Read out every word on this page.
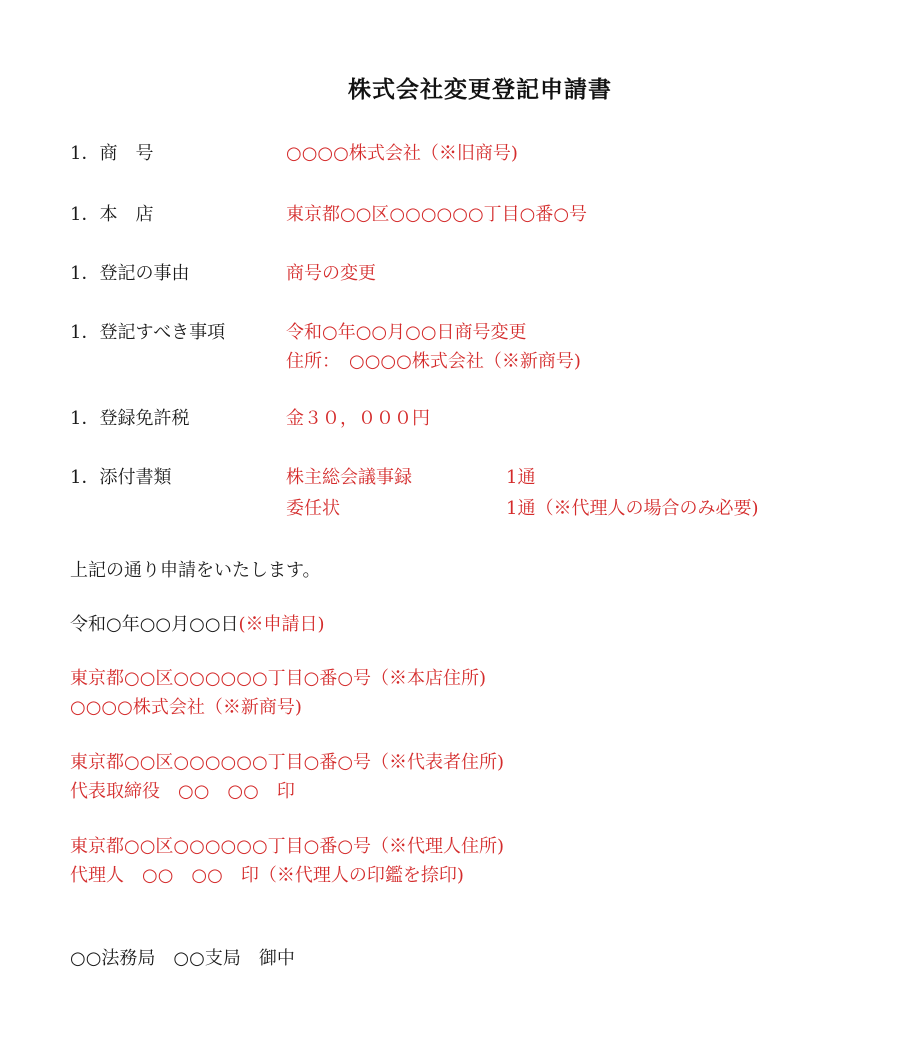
株式会社変更登記申請書
1．商　号	○○○○株式会社（※旧商号)
1．本　店	東京都○○区○○○○○○丁目○番○号
1．登記の事由	商号の変更
1．登記すべき事項	令和○年○○月○○日商号変更
住所：　○○○○株式会社（※新商号)
1．登録免許税	金３０，０００円
1．添付書類	株主総会議事録	1通
委任状	1通（※代理人の場合のみ必要)
上記の通り申請をいたします。
令和○年○○月○○日(※申請日)
東京都○○区○○○○○○丁目○番○号（※本店住所)
○○○○株式会社（※新商号)
東京都○○区○○○○○○丁目○番○号（※代表者住所)
代表取締役　○○　○○　印
東京都○○区○○○○○○丁目○番○号（※代理人住所)
代理人　○○　○○　印（※代理人の印鑑を捺印)
○○法務局　○○支局　御中
